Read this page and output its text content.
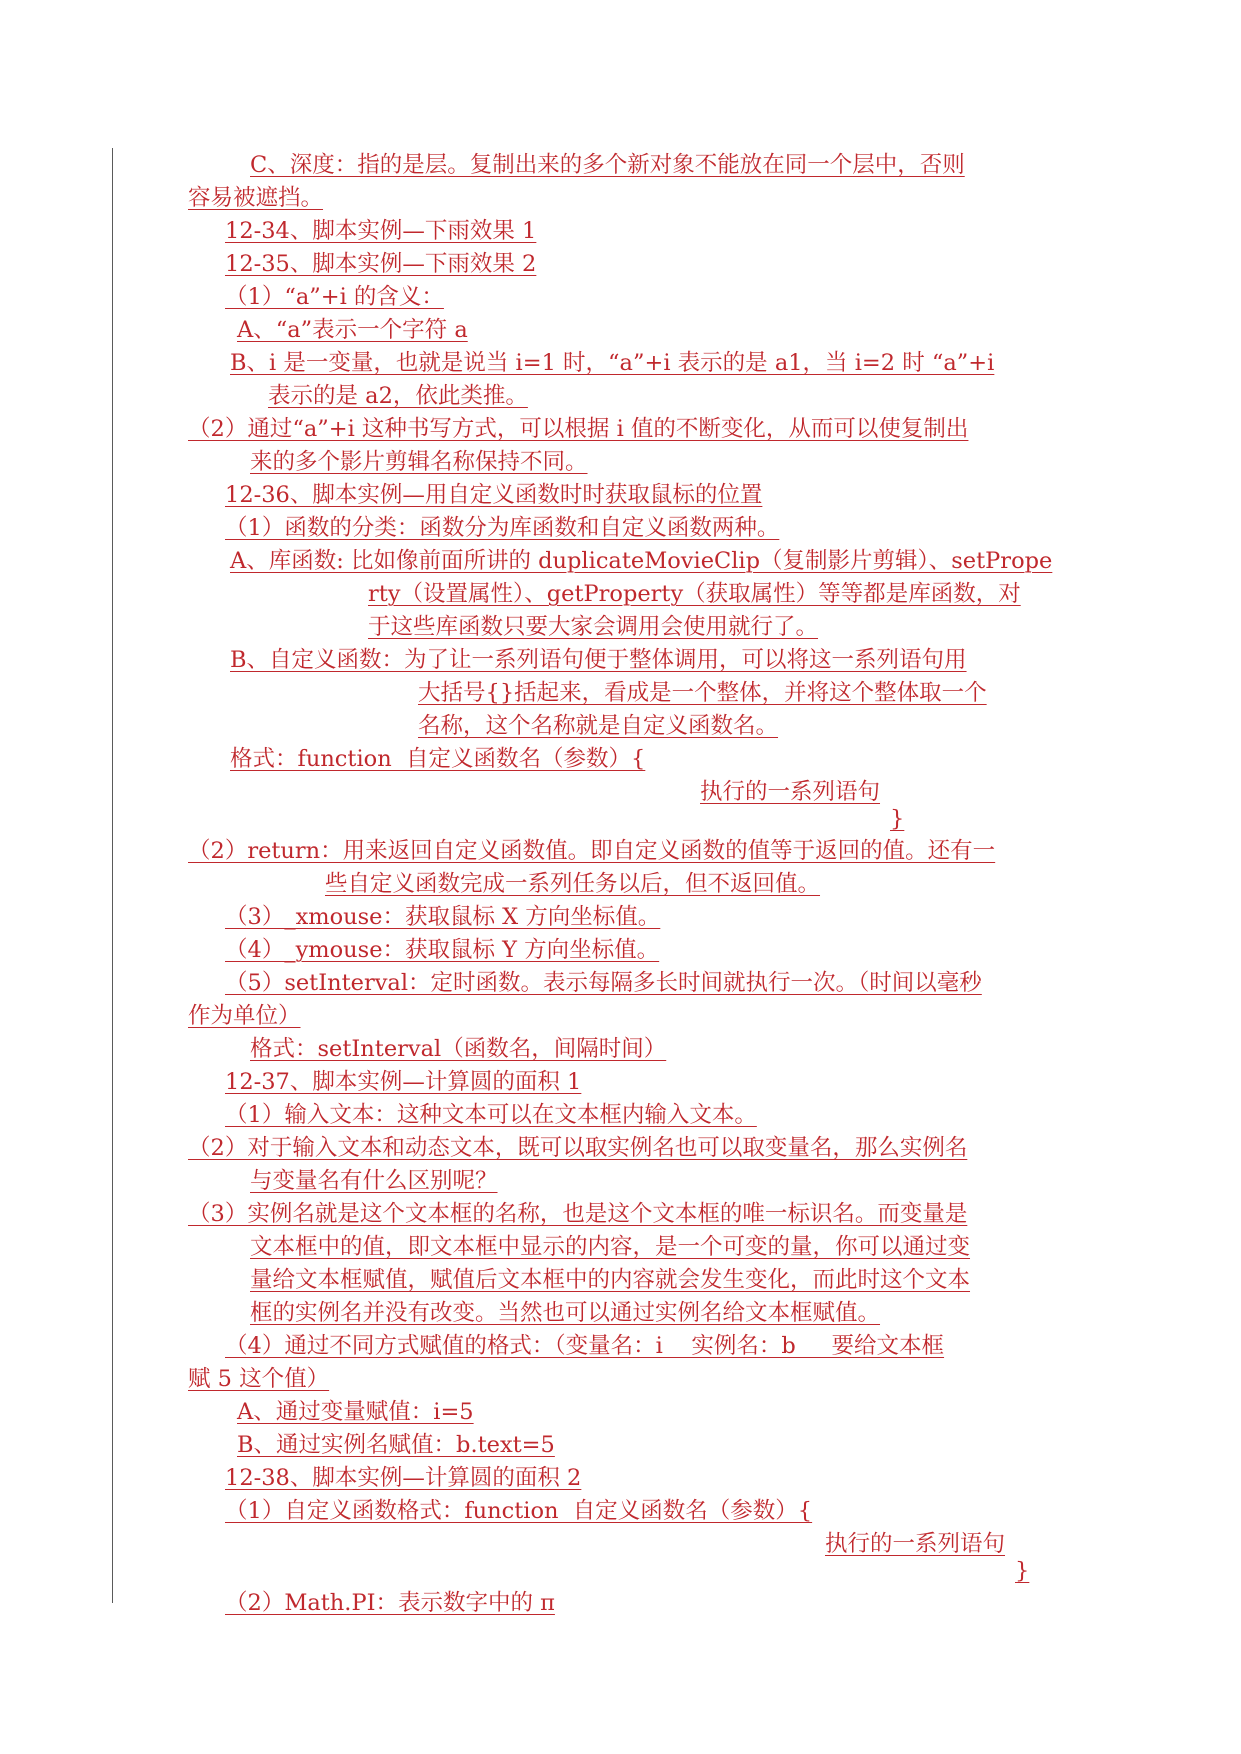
C、深度：指的是层。复制出来的多个新对象不能放在同一个层中，否则
容易被遮挡。
12-34、脚本实例—下雨效果 1
12-35、脚本实例—下雨效果 2
（1）“a”+i 的含义：
A、“a”表示一个字符 a
B、i 是一变量，也就是说当 i=1 时，“a”+i 表示的是 a1，当 i=2 时 “a”+i
表示的是 a2，依此类推。
（2）通过“a”+i 这种书写方式，可以根据 i 值的不断变化，从而可以使复制出
来的多个影片剪辑名称保持不同。
12-36、脚本实例—用自定义函数时时获取鼠标的位置
（1）函数的分类：函数分为库函数和自定义函数两种。
A、库函数: 比如像前面所讲的 duplicateMovieClip（复制影片剪辑）、setPrope
rty（设置属性）、getProperty（获取属性）等等都是库函数，对
于这些库函数只要大家会调用会使用就行了。
B、自定义函数：为了让一系列语句便于整体调用，可以将这一系列语句用
大括号{}括起来，看成是一个整体，并将这个整体取一个
名称，这个名称就是自定义函数名。
格式：function  自定义函数名（参数）{
执行的一系列语句
}
（2）return：用来返回自定义函数值。即自定义函数的值等于返回的值。还有一
些自定义函数完成一系列任务以后，但不返回值。
（3）_xmouse：获取鼠标 X 方向坐标值。
（4）_ymouse：获取鼠标 Y 方向坐标值。
（5）setInterval：定时函数。表示每隔多长时间就执行一次。（时间以毫秒
作为单位）
格式：setInterval（函数名，间隔时间）
12-37、脚本实例—计算圆的面积 1
（1）输入文本：这种文本可以在文本框内输入文本。
（2）对于输入文本和动态文本，既可以取实例名也可以取变量名，那么实例名
与变量名有什么区别呢？
（3）实例名就是这个文本框的名称，也是这个文本框的唯一标识名。而变量是
文本框中的值，即文本框中显示的内容，是一个可变的量，你可以通过变
量给文本框赋值，赋值后文本框中的内容就会发生变化，而此时这个文本
框的实例名并没有改变。当然也可以通过实例名给文本框赋值。
（4）通过不同方式赋值的格式：（变量名：i    实例名：b     要给文本框
赋 5 这个值）
A、通过变量赋值：i=5
B、通过实例名赋值：b.text=5
12-38、脚本实例—计算圆的面积 2
（1）自定义函数格式：function  自定义函数名（参数）{
执行的一系列语句
}
（2）Math.PI：表示数字中的 π
